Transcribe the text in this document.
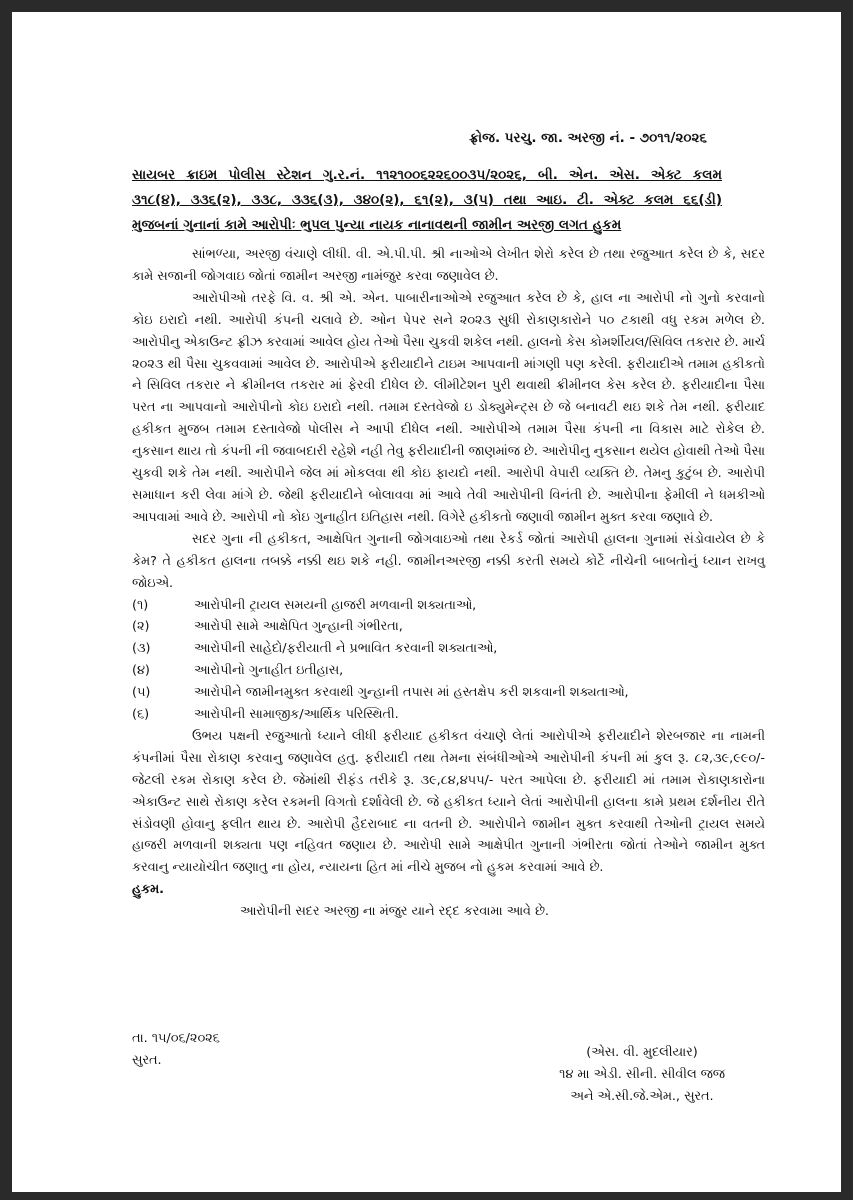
ફ્રોજ. પરચુ. જા. અરજી નં. - ૭૦૧૧/૨૦૨૬
સાયબર ક્રાઇમ પોલીસ સ્ટેશન ગુ.ર.નં. ૧૧૨૧૦૦૬૨૨૬૦૦૩૫/૨૦૨૬, બી. એન. એસ. એક્ટ કલમ
૩૧૮(૪), ૩૩૬(૨), ૩૩૮, ૩૩૬(૩), ૩૪૦(૨), ૬૧(૨), ૩(૫) તથા આઇ. ટી. એક્ટ કલમ ૬૬(ડી)
મુજબનાં ગુનાનાં કામે આરોપીઃ ભુપલ પુન્યા નાયક નાનાવથની જામીન અરજી લગત હુકમ

સાંભળ્યા, અરજી વંચાણે લીધી. વી. એ.પી.પી. શ્રી નાઓએ લેખીત શેરો કરેલ છે તથા રજુઆત કરેલ છે કે, સદર કામે સજાની જોગવાઇ જોતાં જામીન અરજી નામંજુર કરવા જણાવેલ છે.

આરોપીઓ તરફે વિ. વ. શ્રી એ. એન. પાબારીનાઓએ રજુઆત કરેલ છે કે, હાલ ના આરોપી નો ગુનો કરવાનો કોઇ ઇરાદો નથી. આરોપી કંપની ચલાવે છે. ઓન પેપર સને ૨૦૨૩ સુધી રોકાણકારોને ૫૦ ટકાથી વધુ રકમ મળેલ છે. આરોપીનુ એકાઉન્ટ ફ્રીઝ કરવામાં આવેલ હોય તેઓ પૈસા ચુકવી શકેલ નથી. હાલનો કેસ કોમર્શીયલ/સિવિલ તકરાર છે. માર્ચ ૨૦૨૩ થી પૈસા ચુકવવામાં આવેલ છે. આરોપીએ ફરીયાદીને ટાઇમ આપવાની માંગણી પણ કરેલી. ફરીયાદીએ તમામ હકીકતો ને સિવિલ તકરાર ને ક્રીમીનલ તકરાર માં ફેરવી દીધેલ છે. લીમીટેશન પુરી થવાથી ક્રીમીનલ કેસ કરેલ છે. ફરીયાદીના પૈસા પરત ના આપવાનો આરોપીનો કોઇ ઇરાદો નથી. તમામ દસ્તવેજો ઇ ડોક્યુમેન્ટ્સ છે જે બનાવટી થઇ શકે તેમ નથી. ફરીયાદ હકીકત મુજબ તમામ દસ્તાવેજો પોલીસ ને આપી દીધેલ નથી. આરોપીએ તમામ પૈસા કંપની ના વિકાસ માટે રોકેલ છે. નુકસાન થાય તો કંપની ની જવાબદારી રહેશે નહી તેવુ ફરીયાદીની જાણમાંજ છે. આરોપીનુ નુકસાન થયેલ હોવાથી તેઓ પૈસા ચુકવી શકે તેમ નથી. આરોપીને જેલ માં મોકલવા થી કોઇ ફાયદો નથી. આરોપી વેપારી વ્યક્તિ છે. તેમનુ કુટુંબ છે. આરોપી સમાધાન કરી લેવા માંગે છે. જેથી ફરીયાદીને બોલાવવા માં આવે તેવી આરોપીની વિનંતી છે. આરોપીના ફેમીલી ને ધમકીઓ આપવામાં આવે છે. આરોપી નો કોઇ ગુનાહીત ઇતિહાસ નથી. વિગેરે હકીકતો જણાવી જામીન મુક્ત કરવા જણાવે છે.

સદર ગુના ની હકીકત, આક્ષેપિત ગુનાની જોગવાઇઓ તથા રેકર્ડ જોતાં આરોપી હાલના ગુનામાં સંડોવાયેલ છે કે કેમ? તે હકીકત હાલના તબક્કે નક્કી થઇ શકે નહી. જામીનઅરજી નક્કી કરતી સમયે કોર્ટે નીચેની બાબતોનું ધ્યાન રાખવુ જોઇએ.

(૧)	આરોપીની ટ્રાયલ સમયની હાજરી મળવાની શક્યતાઓ,
(૨)	આરોપી સામે આક્ષેપિત ગુન્હાની ગંભીરતા,
(૩)	આરોપીની સાહેદો/ફરીયાતી ને પ્રભાવિત કરવાની શક્યતાઓ,
(૪)	આરોપીનો ગુનાહીત ઇતીહાસ,
(૫)	આરોપીને જામીનમુક્ત કરવાથી ગુન્હાની તપાસ માં હસ્તક્ષેપ કરી શકવાની શક્યતાઓ,
(૬)	આરોપીની સામાજીક/આર્થિક પરિસ્થિતી.

ઉભય પક્ષની રજુઆતો ધ્યાને લીધી ફરીયાદ હકીકત વંચાણે લેતાં આરોપીએ ફરીયાદીને શેરબજાર ના નામની કંપનીમાં પૈસા રોકાણ કરવાનુ જણાવેલ હતુ. ફરીયાદી તથા તેમના સંબંધીઓએ આરોપીની કંપની માં કુલ રૂ. ૮૨,૩૯,૯૯૦/- જેટલી રકમ રોકાણ કરેલ છે. જેમાંથી રીફંડ તરીકે રૂ. ૩૯,૮૪,૪૫૫/- પરત આપેલા છે. ફરીયાદી માં તમામ રોકાણકારોના એકાઉન્ટ સાથે રોકાણ કરેલ રકમની વિગતો દર્શાવેલી છે. જે હકીકત ધ્યાને લેતાં આરોપીની હાલના કામે પ્રથમ દર્શનીય રીતે સંડોવણી હોવાનુ ફલીત થાય છે. આરોપી હૈદરાબાદ ના વતની છે. આરોપીને જામીન મુક્ત કરવાથી તેઓની ટ્રાયલ સમયે હાજરી મળવાની શક્યતા પણ નહિવત જણાય છે. આરોપી સામે આક્ષેપીત ગુનાની ગંભીરતા જોતાં તેઓને જામીન મુક્ત કરવાનુ ન્યાયોચીત જણાતુ ના હોય, ન્યાયના હિત માં નીચે મુજબ નો હુકમ કરવામાં આવે છે.

હુકમ.

આરોપીની સદર અરજી ના મંજુર યાને રદ્દ કરવામા આવે છે.

તા. ૧૫/૦૬/૨૦૨૬
સુરત.
(એસ. વી. મુદલીયાર)
૧૪ મા એડી. સીની. સીવીલ જજ
અને એ.સી.જે.એમ., સુરત.
